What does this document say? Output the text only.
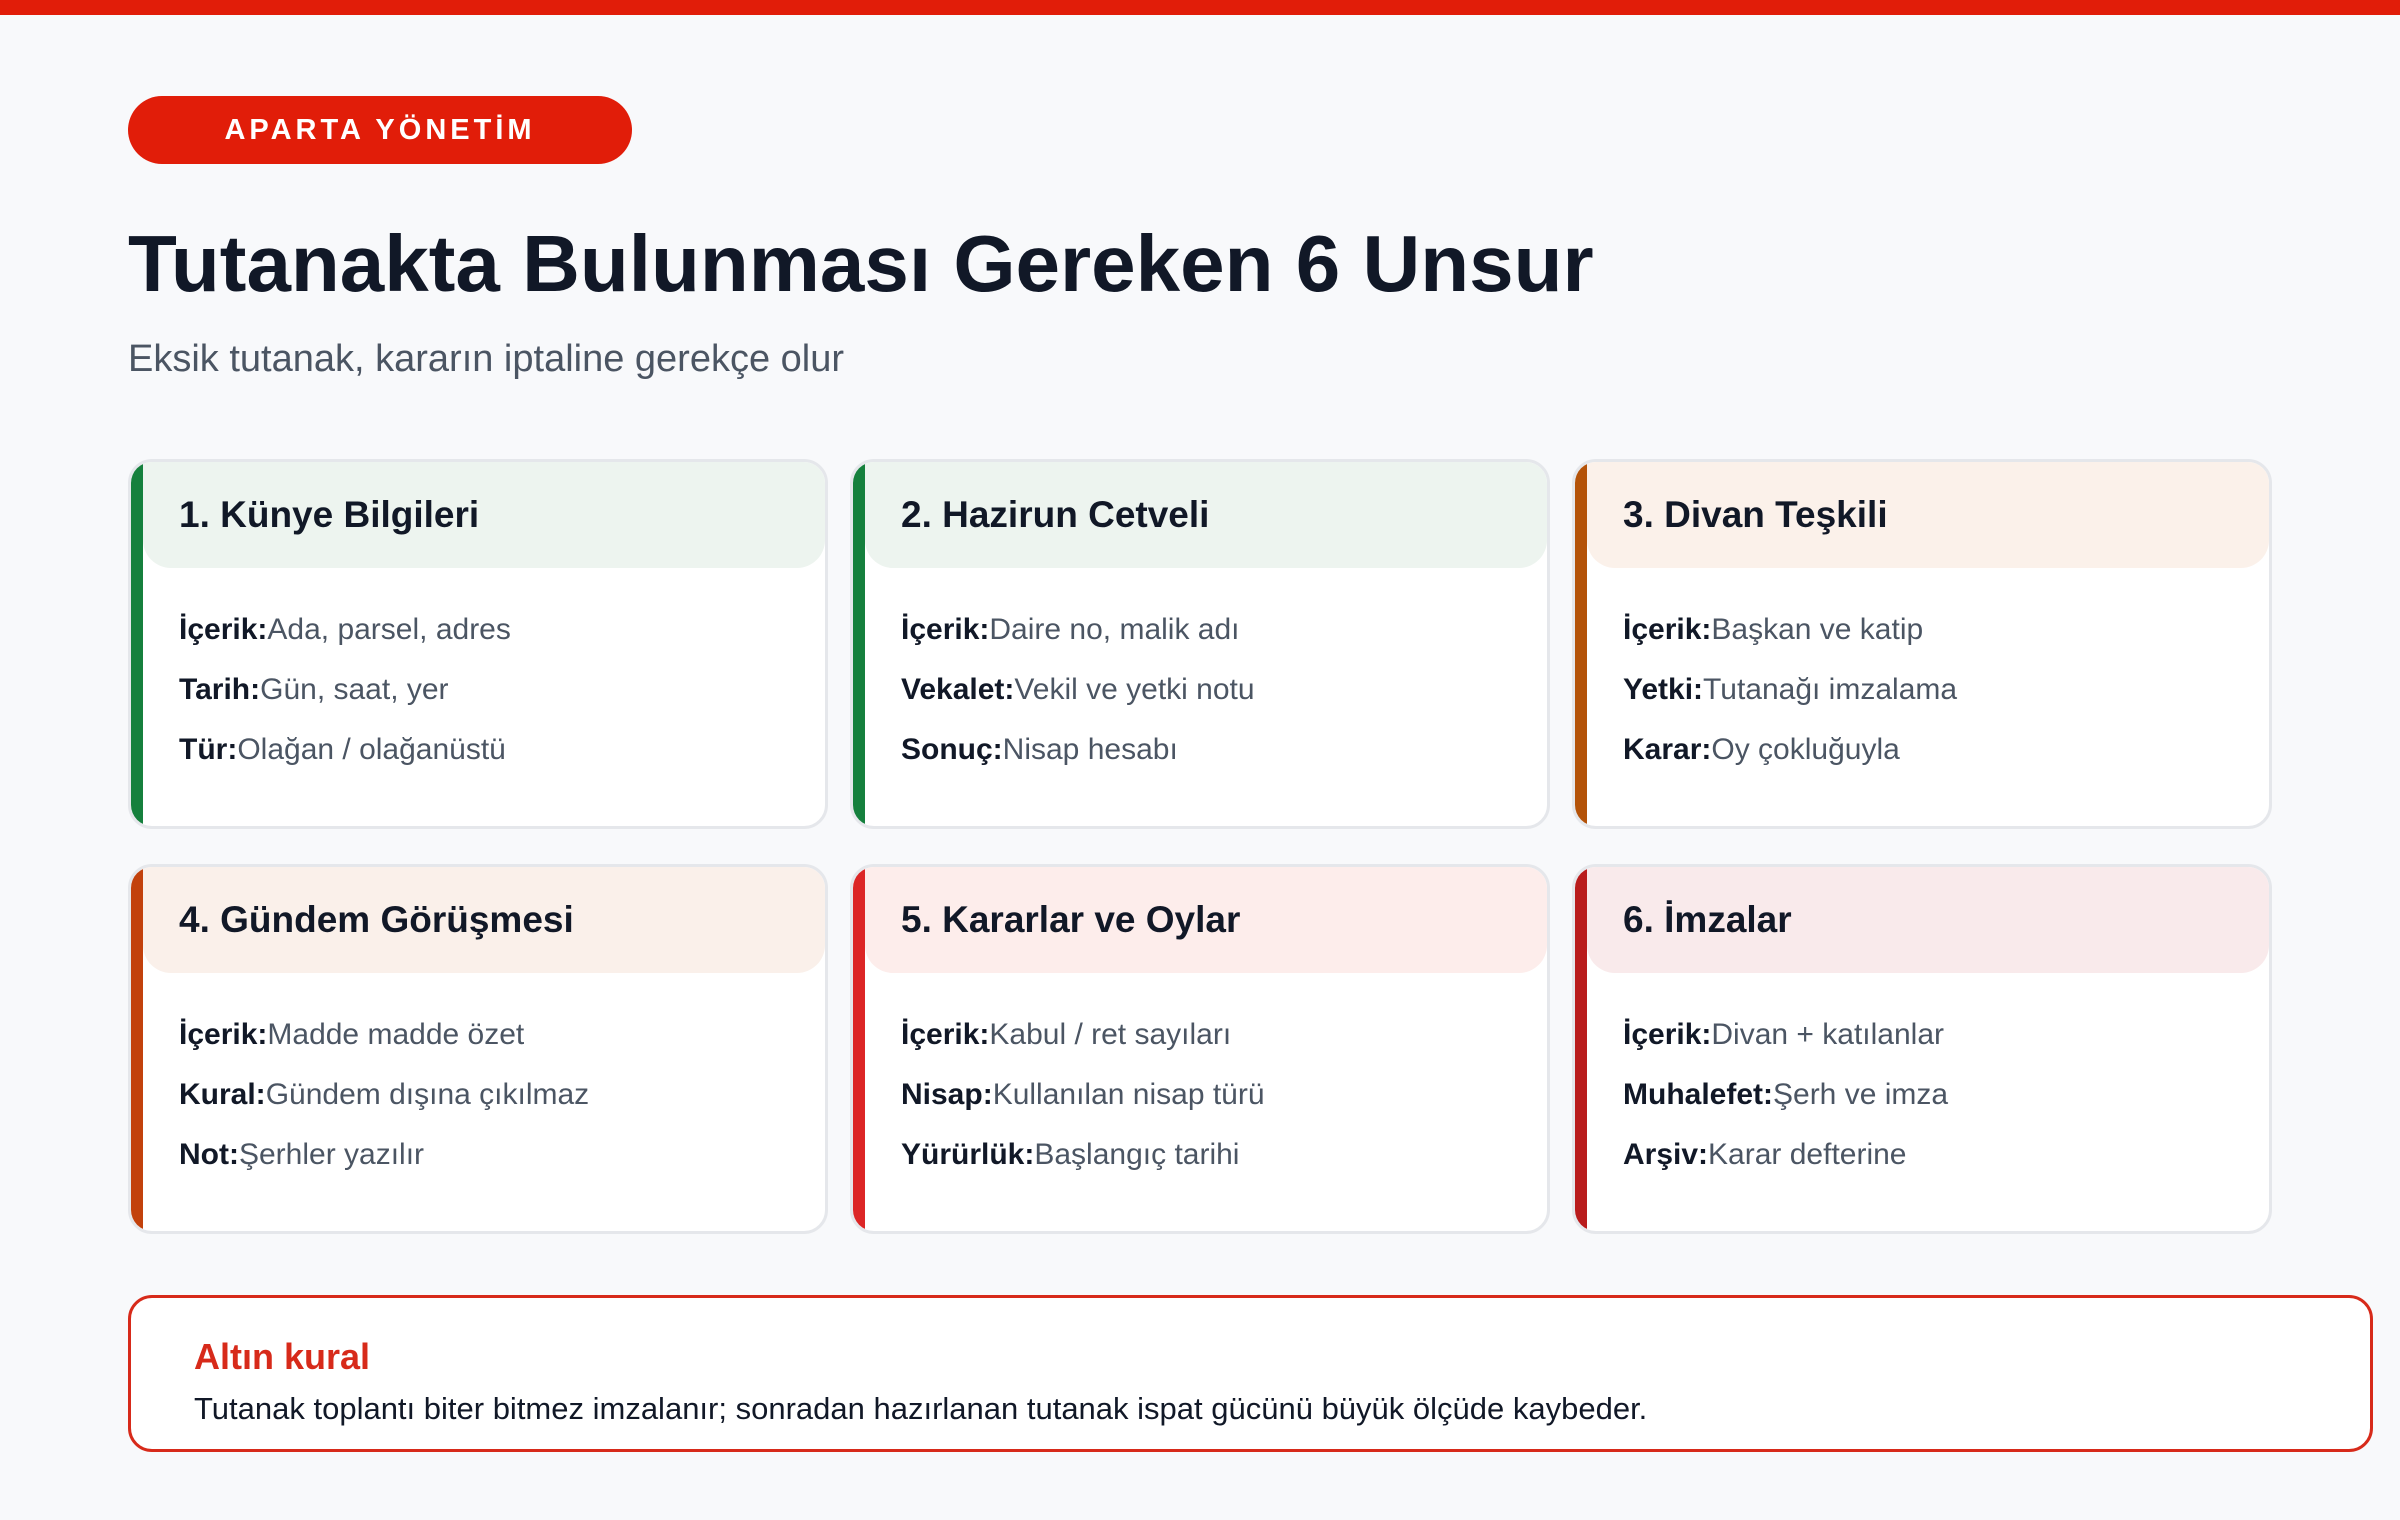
APARTA YÖNETİM
Tutanakta Bulunması Gereken 6 Unsur

Eksik tutanak, kararın iptaline gerekçe olur

1. Künye Bilgileri
İçerik:Ada, parsel, adres
Tarih:Gün, saat, yer
Tür:Olağan / olağanüstü
2. Hazirun Cetveli
İçerik:Daire no, malik adı
Vekalet:Vekil ve yetki notu
Sonuç:Nisap hesabı
3. Divan Teşkili
İçerik:Başkan ve katip
Yetki:Tutanağı imzalama
Karar:Oy çokluğuyla
4. Gündem Görüşmesi
İçerik:Madde madde özet
Kural:Gündem dışına çıkılmaz
Not:Şerhler yazılır
5. Kararlar ve Oylar
İçerik:Kabul / ret sayıları
Nisap:Kullanılan nisap türü
Yürürlük:Başlangıç tarihi
6. İmzalar
İçerik:Divan + katılanlar
Muhalefet:Şerh ve imza
Arşiv:Karar defterine
Altın kural
Tutanak toplantı biter bitmez imzalanır; sonradan hazırlanan tutanak ispat gücünü büyük ölçüde kaybeder.
